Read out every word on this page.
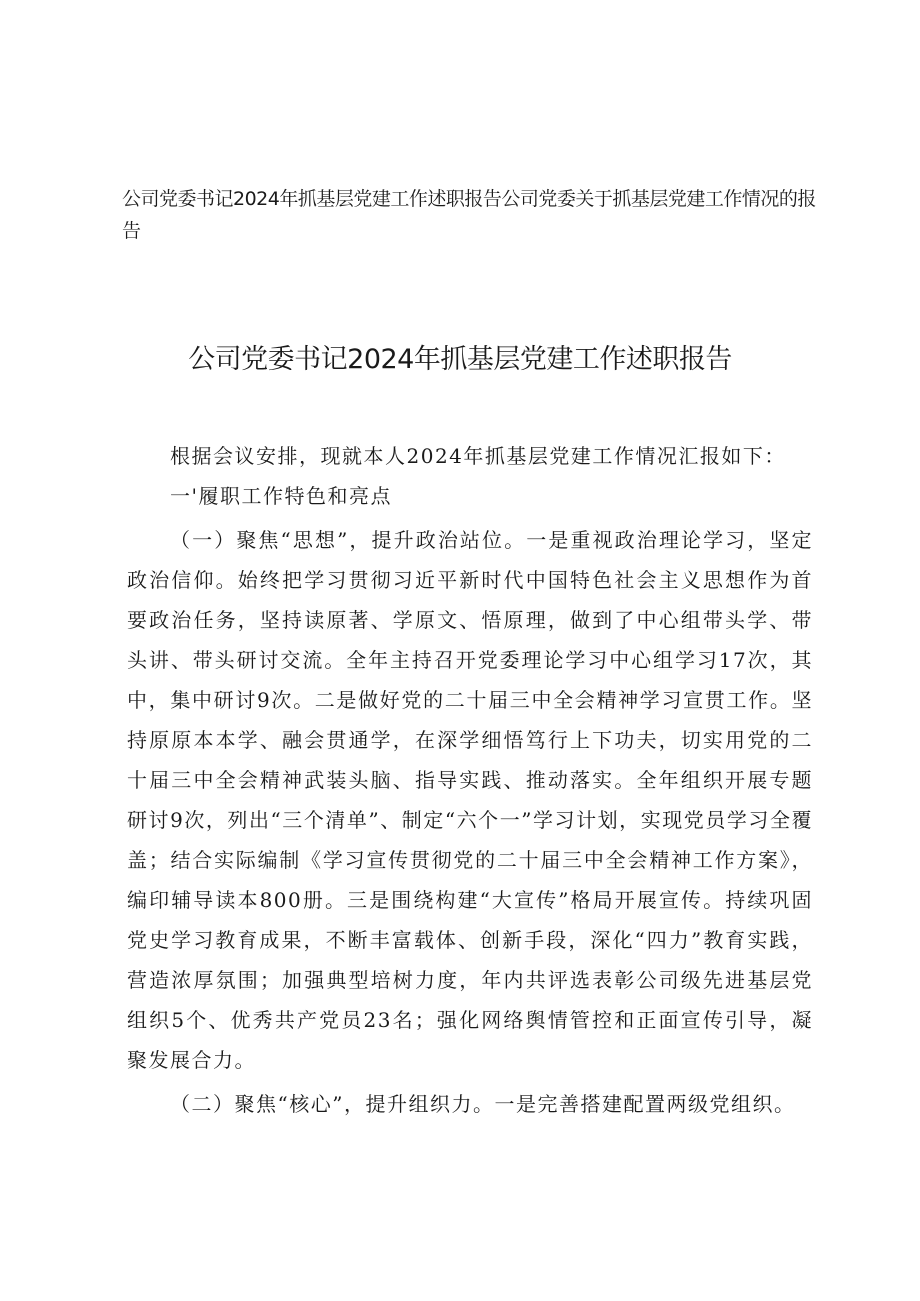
公司党委书记2024年抓基层党建工作述职报告公司党委关于抓基层党建工作情况的报告
公司党委书记2024年抓基层党建工作述职报告

根据会议安排，现就本人2024年抓基层党建工作情况汇报如下：

一'履职工作特色和亮点

（一）聚焦“思想”，提升政治站位。一是重视政治理论学习，坚定政治信仰。始终把学习贯彻习近平新时代中国特色社会主义思想作为首要政治任务，坚持读原著、学原文、悟原理，做到了中心组带头学、带头讲、带头研讨交流。全年主持召开党委理论学习中心组学习17次，其中，集中研讨9次。二是做好党的二十届三中全会精神学习宣贯工作。坚持原原本本学、融会贯通学，在深学细悟笃行上下功夫，切实用党的二十届三中全会精神武装头脑、指导实践、推动落实。全年组织开展专题研讨9次，列出“三个清单”、制定“六个一”学习计划，实现党员学习全覆盖；结合实际编制《学习宣传贯彻党的二十届三中全会精神工作方案》，编印辅导读本800册。三是围绕构建“大宣传”格局开展宣传。持续巩固党史学习教育成果，不断丰富载体、创新手段，深化“四力”教育实践，营造浓厚氛围；加强典型培树力度，年内共评选表彰公司级先进基层党组织5个、优秀共产党员23名；强化网络舆情管控和正面宣传引导，凝聚发展合力。

（二）聚焦“核心”，提升组织力。一是完善搭建配置两级党组织。
